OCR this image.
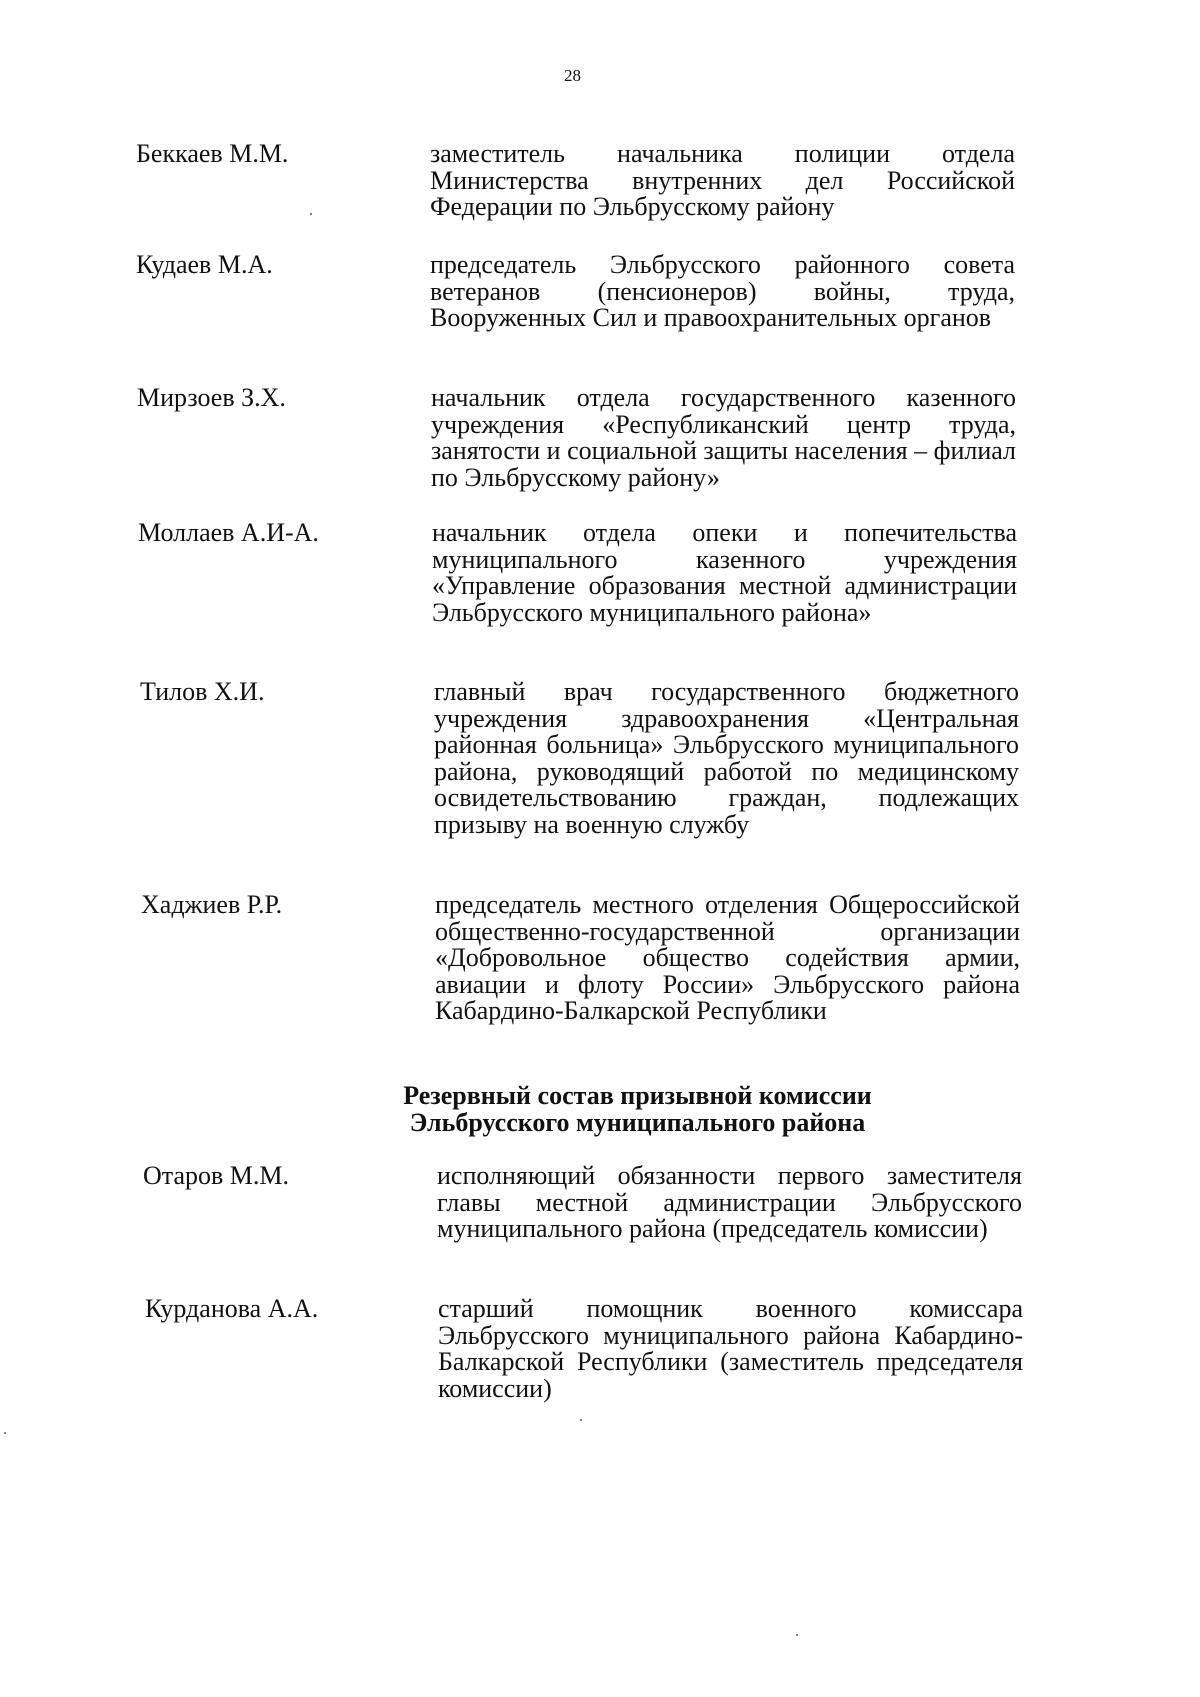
28
Беккаев М.М.	заместитель начальника полиции отдела Министерства внутренних дел Российской Федерации по Эльбрусскому району
Кудаев М.А.	председатель Эльбрусского районного совета ветеранов (пенсионеров) войны, труда, Вооруженных Сил и правоохранительных органов
Мирзоев З.Х.	начальник отдела государственного казенного учреждения «Республиканский центр труда, занятости и социальной защиты населения – филиал по Эльбрусскому району»
Моллаев А.И-А.	начальник отдела опеки и попечительства муниципального казенного учреждения «Управление образования местной администрации Эльбрусского муниципального района»
Тилов Х.И.	главный врач государственного бюджетного учреждения здравоохранения «Центральная районная больница» Эльбрусского муниципального района, руководящий работой по медицинскому освидетельствованию граждан, подлежащих призыву на военную службу
Хаджиев Р.Р.	председатель местного отделения Общероссийской общественно-государственной организации «Добровольное общество содействия армии, авиации и флоту России» Эльбрусского района Кабардино-Балкарской Республики
Резервный состав призывной комиссии
Эльбрусского муниципального района
Отаров М.М.	исполняющий обязанности первого заместителя главы местной администрации Эльбрусского муниципального района (председатель комиссии)
Курданова А.А.	старший помощник военного комиссара Эльбрусского муниципального района Кабардино-Балкарской Республики (заместитель председателя комиссии)
